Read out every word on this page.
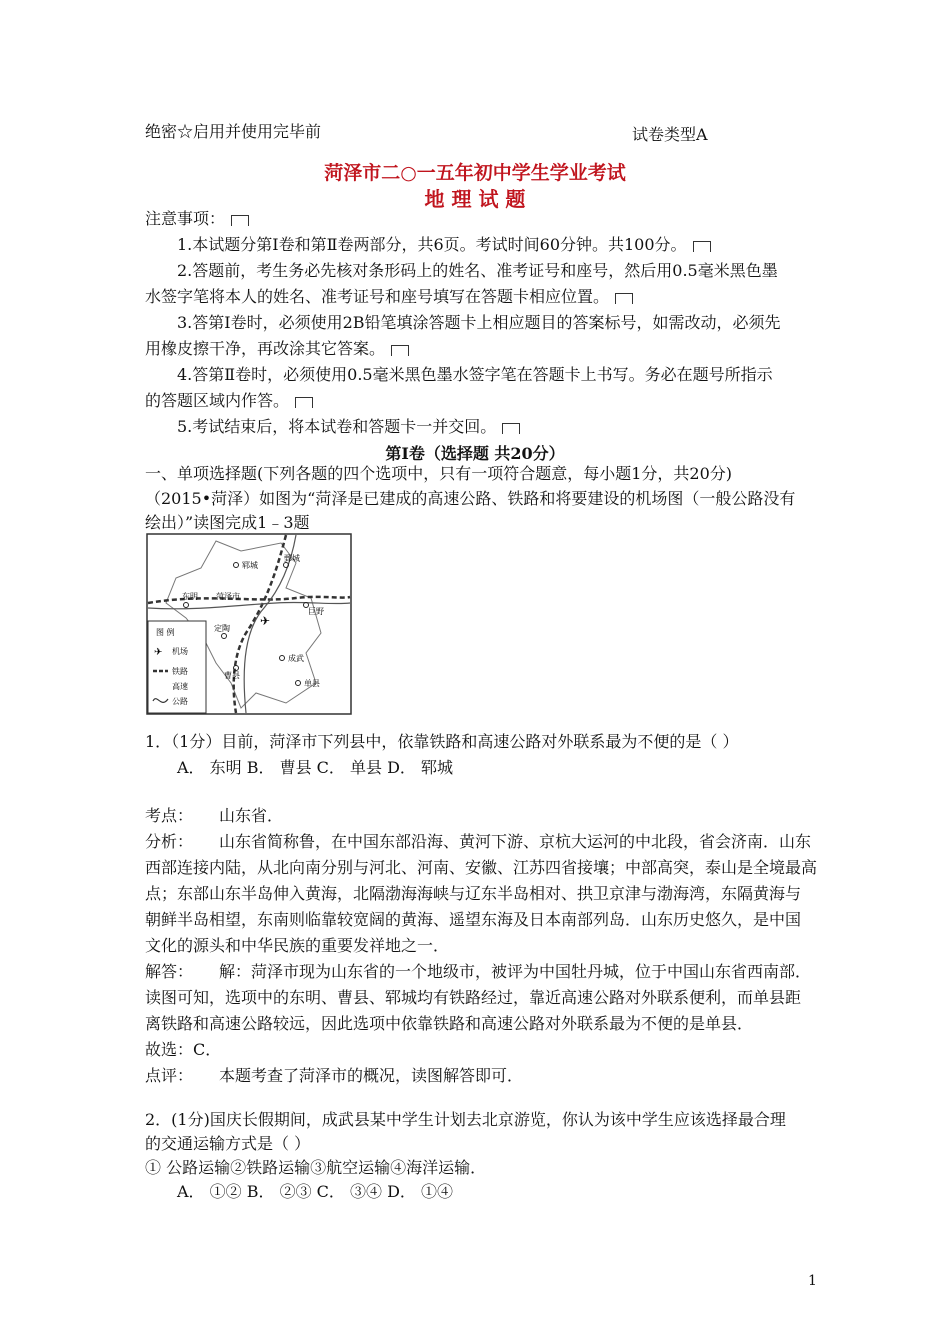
绝密☆启用并使用完毕前	试卷类型A
菏泽市二○一五年初中学生学业考试
地 理 试 题
注意事项：
1.本试题分第Ⅰ卷和第Ⅱ卷两部分，共6页。考试时间60分钟。共100分。
2.答题前，考生务必先核对条形码上的姓名、准考证号和座号，然后用0.5毫米黑色墨
水签字笔将本人的姓名、准考证号和座号填写在答题卡相应位置。
3.答第Ⅰ卷时，必须使用2B铅笔填涂答题卡上相应题目的答案标号，如需改动，必须先
用橡皮擦干净，再改涂其它答案。
4.答第Ⅱ卷时，必须使用0.5毫米黑色墨水签字笔在答题卡上书写。务必在题号所指示
的答题区域内作答。
5.考试结束后，将本试卷和答题卡一并交回。
第Ⅰ卷（选择题 共20分）
一、单项选择题(下列各题的四个选项中，只有一项符合题意，每小题1分，共20分)
（2015•菏泽）如图为“菏泽是已建成的高速公路、铁路和将要建设的机场图（一般公路没有
绘出）”读图完成1﹣3题
郓城
鄄城
东明 菏泽市
巨野
定陶
成武
曹县
单县
✈
图 例
✈ 机场
铁路
高速
公路
1．（1分）目前，菏泽市下列县中，依靠铁路和高速公路对外联系最为不便的是（ ）
A． 东明 B． 曹县 C． 单县 D． 郓城
考点： 山东省．
分析： 山东省简称鲁，在中国东部沿海、黄河下游、京杭大运河的中北段，省会济南．山东
西部连接内陆，从北向南分别与河北、河南、安徽、江苏四省接壤；中部高突，泰山是全境最高
点；东部山东半岛伸入黄海，北隔渤海海峡与辽东半岛相对、拱卫京津与渤海湾，东隔黄海与
朝鲜半岛相望，东南则临靠较宽阔的黄海、遥望东海及日本南部列岛．山东历史悠久，是中国
文化的源头和中华民族的重要发祥地之一．
解答： 解：菏泽市现为山东省的一个地级市，被评为中国牡丹城，位于中国山东省西南部．
读图可知，选项中的东明、曹县、郓城均有铁路经过，靠近高速公路对外联系便利，而单县距
离铁路和高速公路较远，因此选项中依靠铁路和高速公路对外联系最为不便的是单县．
故选：C．
点评： 本题考查了菏泽市的概况，读图解答即可．
2．(1分)国庆长假期间，成武县某中学生计划去北京游览，你认为该中学生应该选择最合理
的交通运输方式是（ ）
① 公路运输②铁路运输③航空运输④海洋运输．
A． ①② B． ②③ C． ③④ D． ①④
1
